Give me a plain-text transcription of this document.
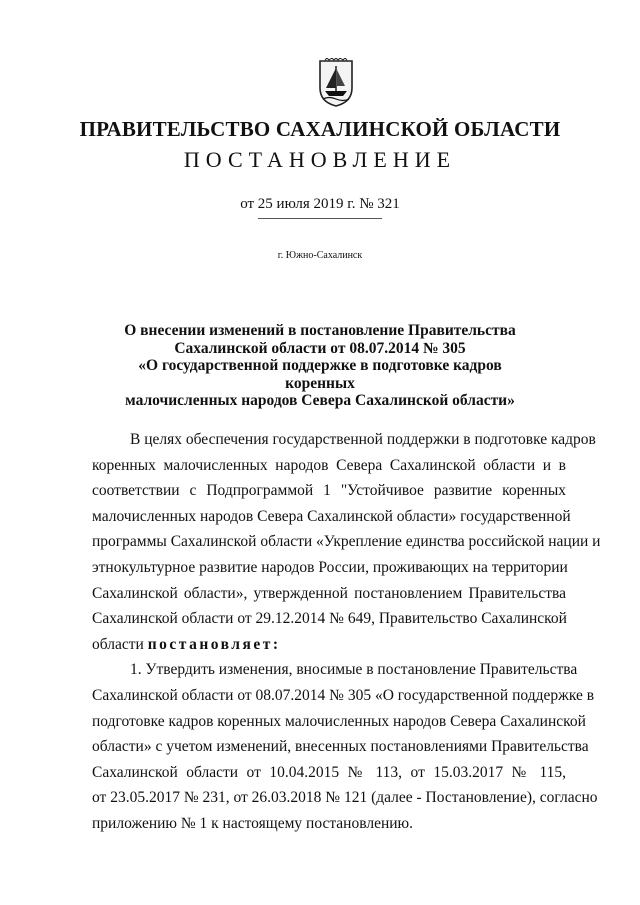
ПРАВИТЕЛЬСТВО САХАЛИНСКОЙ ОБЛАСТИ
ПОСТАНОВЛЕНИЕ
от 25 июля 2019 г. № 321
г. Южно-Сахалинск
О внесении изменений в постановление Правительства
Сахалинской области от 08.07.2014 № 305
«О государственной поддержке в подготовке кадров коренных
малочисленных народов Севера Сахалинской области»
В целях обеспечения государственной поддержки в подготовке кадров
коренных малочисленных народов Севера Сахалинской области и в
соответствии с Подпрограммой 1 "Устойчивое развитие коренных
малочисленных народов Севера Сахалинской области» государственной
программы Сахалинской области «Укрепление единства российской нации и
этнокультурное развитие народов России, проживающих на территории
Сахалинской области», утвержденной постановлением Правительства
Сахалинской области от 29.12.2014 № 649, Правительство Сахалинской
области постановляет:
1. Утвердить изменения, вносимые в постановление Правительства
Сахалинской области от 08.07.2014 № 305 «О государственной поддержке в
подготовке кадров коренных малочисленных народов Севера Сахалинской
области» с учетом изменений, внесенных постановлениями Правительства
Сахалинской области от 10.04.2015 № 113, от 15.03.2017 № 115,
от 23.05.2017 № 231, от 26.03.2018 № 121 (далее - Постановление), согласно
приложению № 1 к настоящему постановлению.
